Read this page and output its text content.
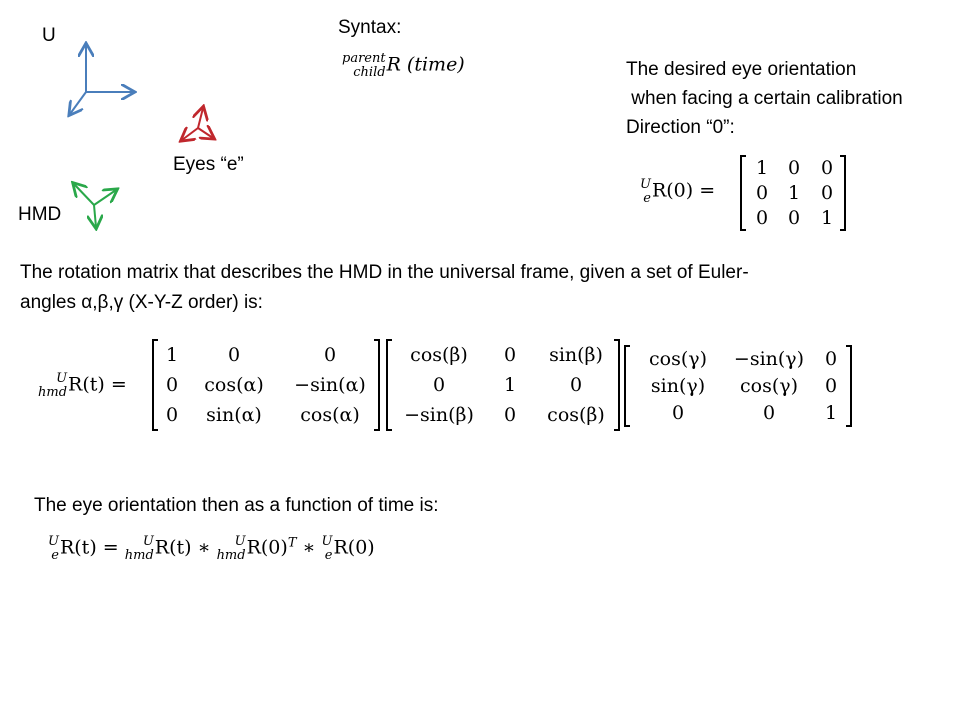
U
Eyes “e”
HMD
Syntax:
parent
child R (time)	The desired eye orientation
when facing a certain calibration
Direction “0”:
U
e R(0) =
1	0	0
0	1	0
0	0	1
The rotation matrix that describes the HMD in the universal frame, given a set of Euler-
angles α,β,γ (X-Y-Z order) is:
U
hmd R(t) =
1	0	0
0	cos(α)	−sin(α)
0	sin(α)	cos(α)
cos(β)	0	sin(β)
0	1	0
−sin(β)	0	cos(β)
cos(γ)	−sin(γ)	0
sin(γ)	cos(γ)	0
0	0	1
The eye orientation then as a function of time is:
U
e R(t) =	U
hmd R(t) ∗	U
hmd $R(0)^T$ ∗ U
e R(0)
